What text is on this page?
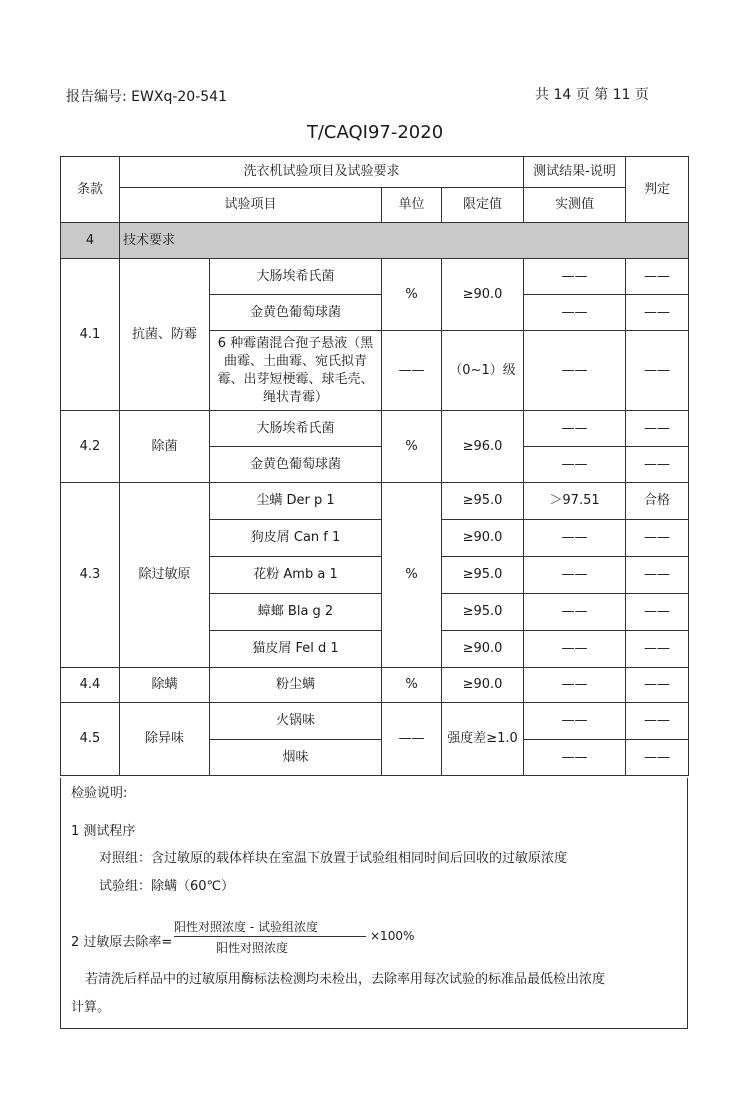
报告编号: EWXq-20-541	共 14 页 第 11 页
T/CAQI97-2020
条款	洗衣机试验项目及试验要求				测试结果-说明	判定
	试验项目		单位	限定值	实测值	
4	技术要求					
4.1	抗菌、防霉	大肠埃希氏菌	%	≥90.0	——	——
		金黄色葡萄球菌			——	——
		6 种霉菌混合孢子悬液（黑曲霉、土曲霉、宛氏拟青霉、出芽短梗霉、球毛壳、绳状青霉）	——	（0~1）级	——	——
4.2	除菌	大肠埃希氏菌	%	≥96.0	——	——
		金黄色葡萄球菌			——	——
4.3	除过敏原	尘螨 Der p 1	%	≥95.0	＞97.51	合格
		狗皮屑 Can f 1		≥90.0	——	——
		花粉 Amb a 1		≥95.0	——	——
		蟑螂 Bla g 2		≥95.0	——	——
		猫皮屑 Fel d 1		≥90.0	——	——
4.4	除螨	粉尘螨	%	≥90.0	——	——
4.5	除异味	火锅味	——	强度差≥1.0	——	——
		烟味			——	——
检验说明:
1 测试程序
对照组：含过敏原的载体样块在室温下放置于试验组相同时间后回收的过敏原浓度
试验组：除螨（60℃）
2 过敏原去除率=
阳性对照浓度 - 试验组浓度
阳性对照浓度
×100%
若清洗后样品中的过敏原用酶标法检测均未检出，去除率用每次试验的标准品最低检出浓度
计算。
